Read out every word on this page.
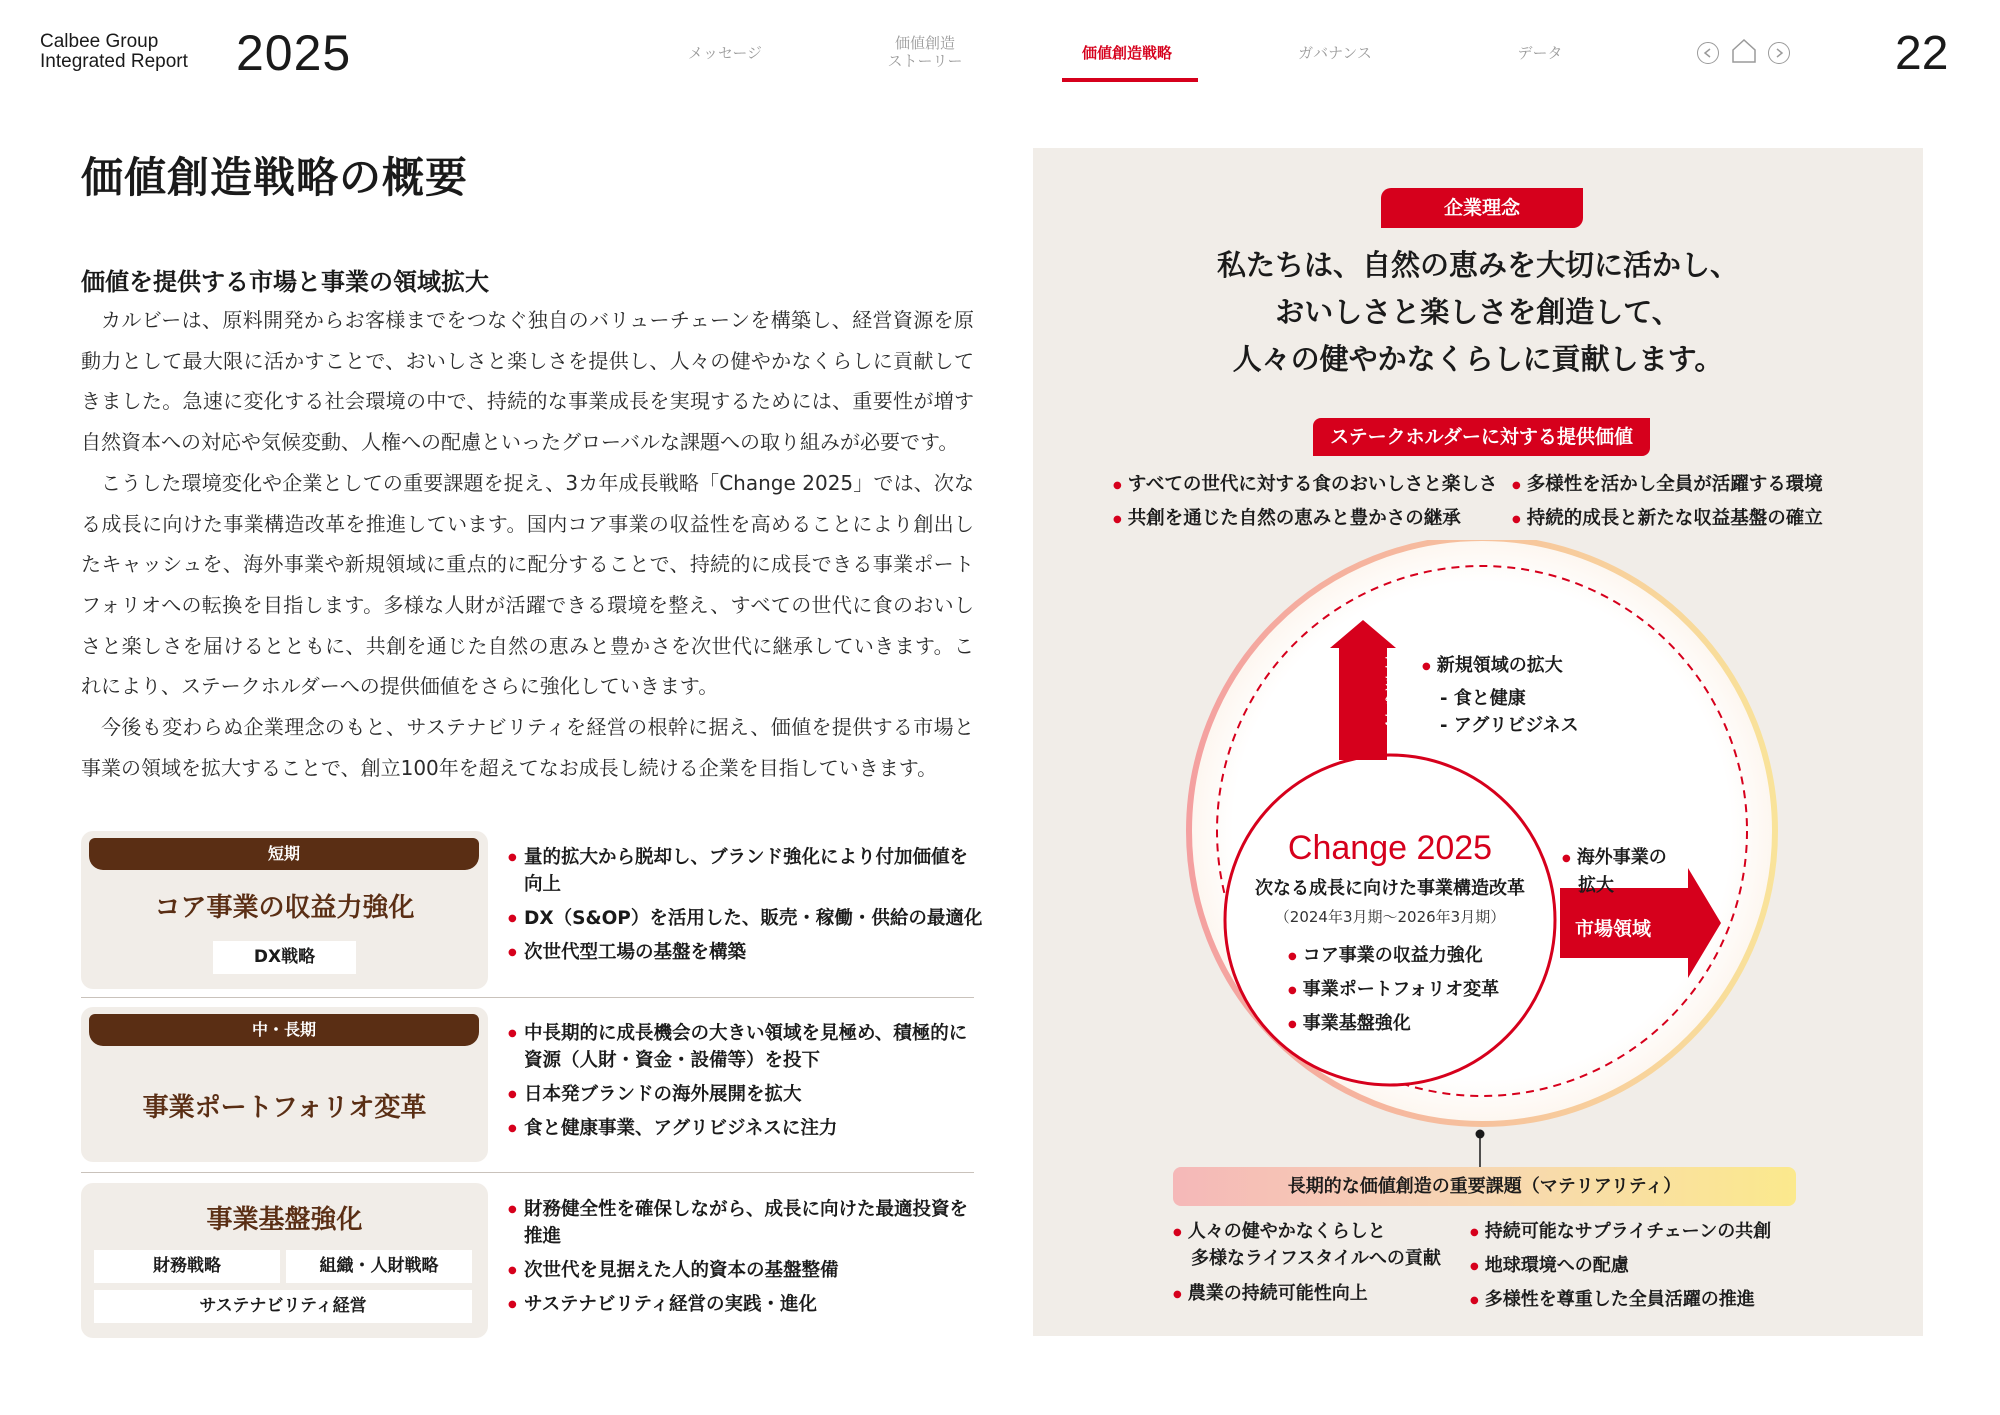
Calbee Group
Integrated Report 2025	メッセージ
価値創造
ストーリー	価値創造戦略	ガバナンス	データ	22
価値創造戦略の概要
価値を提供する市場と事業の領域拡大
カルビーは、原料開発からお客様までをつなぐ独自のバリューチェーンを構築し、経営資源を原動力として最大限に活かすことで、おいしさと楽しさを提供し、人々の健やかなくらしに貢献してきました。急速に変化する社会環境の中で、持続的な事業成長を実現するためには、重要性が増す自然資本への対応や気候変動、人権への配慮といったグローバルな課題への取り組みが必要です。
こうした環境変化や企業としての重要課題を捉え、3カ年成長戦略「Change 2025」では、次なる成長に向けた事業構造改革を推進しています。国内コア事業の収益性を高めることにより創出したキャッシュを、海外事業や新規領域に重点的に配分することで、持続的に成長できる事業ポートフォリオへの転換を目指します。多様な人財が活躍できる環境を整え、すべての世代に食のおいしさと楽しさを届けるとともに、共創を通じた自然の恵みと豊かさを次世代に継承していきます。これにより、ステークホルダーへの提供価値をさらに強化していきます。
今後も変わらぬ企業理念のもと、サステナビリティを経営の根幹に据え、価値を提供する市場と事業の領域を拡大することで、創立100年を超えてなお成長し続ける企業を目指していきます。
短期
コア事業の収益力強化
DX戦略
● 量的拡大から脱却し、ブランド強化により付加価値を向上
● DX（S&OP）を活用した、販売・稼働・供給の最適化
● 次世代型工場の基盤を構築
中・長期
事業ポートフォリオ変革
● 中長期的に成長機会の大きい領域を見極め、積極的に資源（人財・資金・設備等）を投下
● 日本発ブランドの海外展開を拡大
● 食と健康事業、アグリビジネスに注力
事業基盤強化
財務戦略	組織・人財戦略
サステナビリティ経営
● 財務健全性を確保しながら、成長に向けた最適投資を推進
● 次世代を見据えた人的資本の基盤整備
● サステナビリティ経営の実践・進化
企業理念
私たちは、自然の恵みを大切に活かし、
おいしさと楽しさを創造して、
人々の健やかなくらしに貢献します。
ステークホルダーに対する提供価値
● すべての世代に対する食のおいしさと楽しさ	● 多様性を活かし全員が活躍する環境
● 共創を通じた自然の恵みと豊かさの継承	● 持続的成長と新たな収益基盤の確立
事業領域	● 新規領域の拡大
- 食と健康
- アグリビジネス
● 海外事業の
拡大
市場領域
Change 2025
次なる成長に向けた事業構造改革
（2024年3月期〜2026年3月期）
● コア事業の収益力強化
● 事業ポートフォリオ変革
● 事業基盤強化
長期的な価値創造の重要課題（マテリアリティ）
● 人々の健やかなくらしと
多様なライフスタイルへの貢献
● 農業の持続可能性向上
● 持続可能なサプライチェーンの共創
● 地球環境への配慮
● 多様性を尊重した全員活躍の推進
